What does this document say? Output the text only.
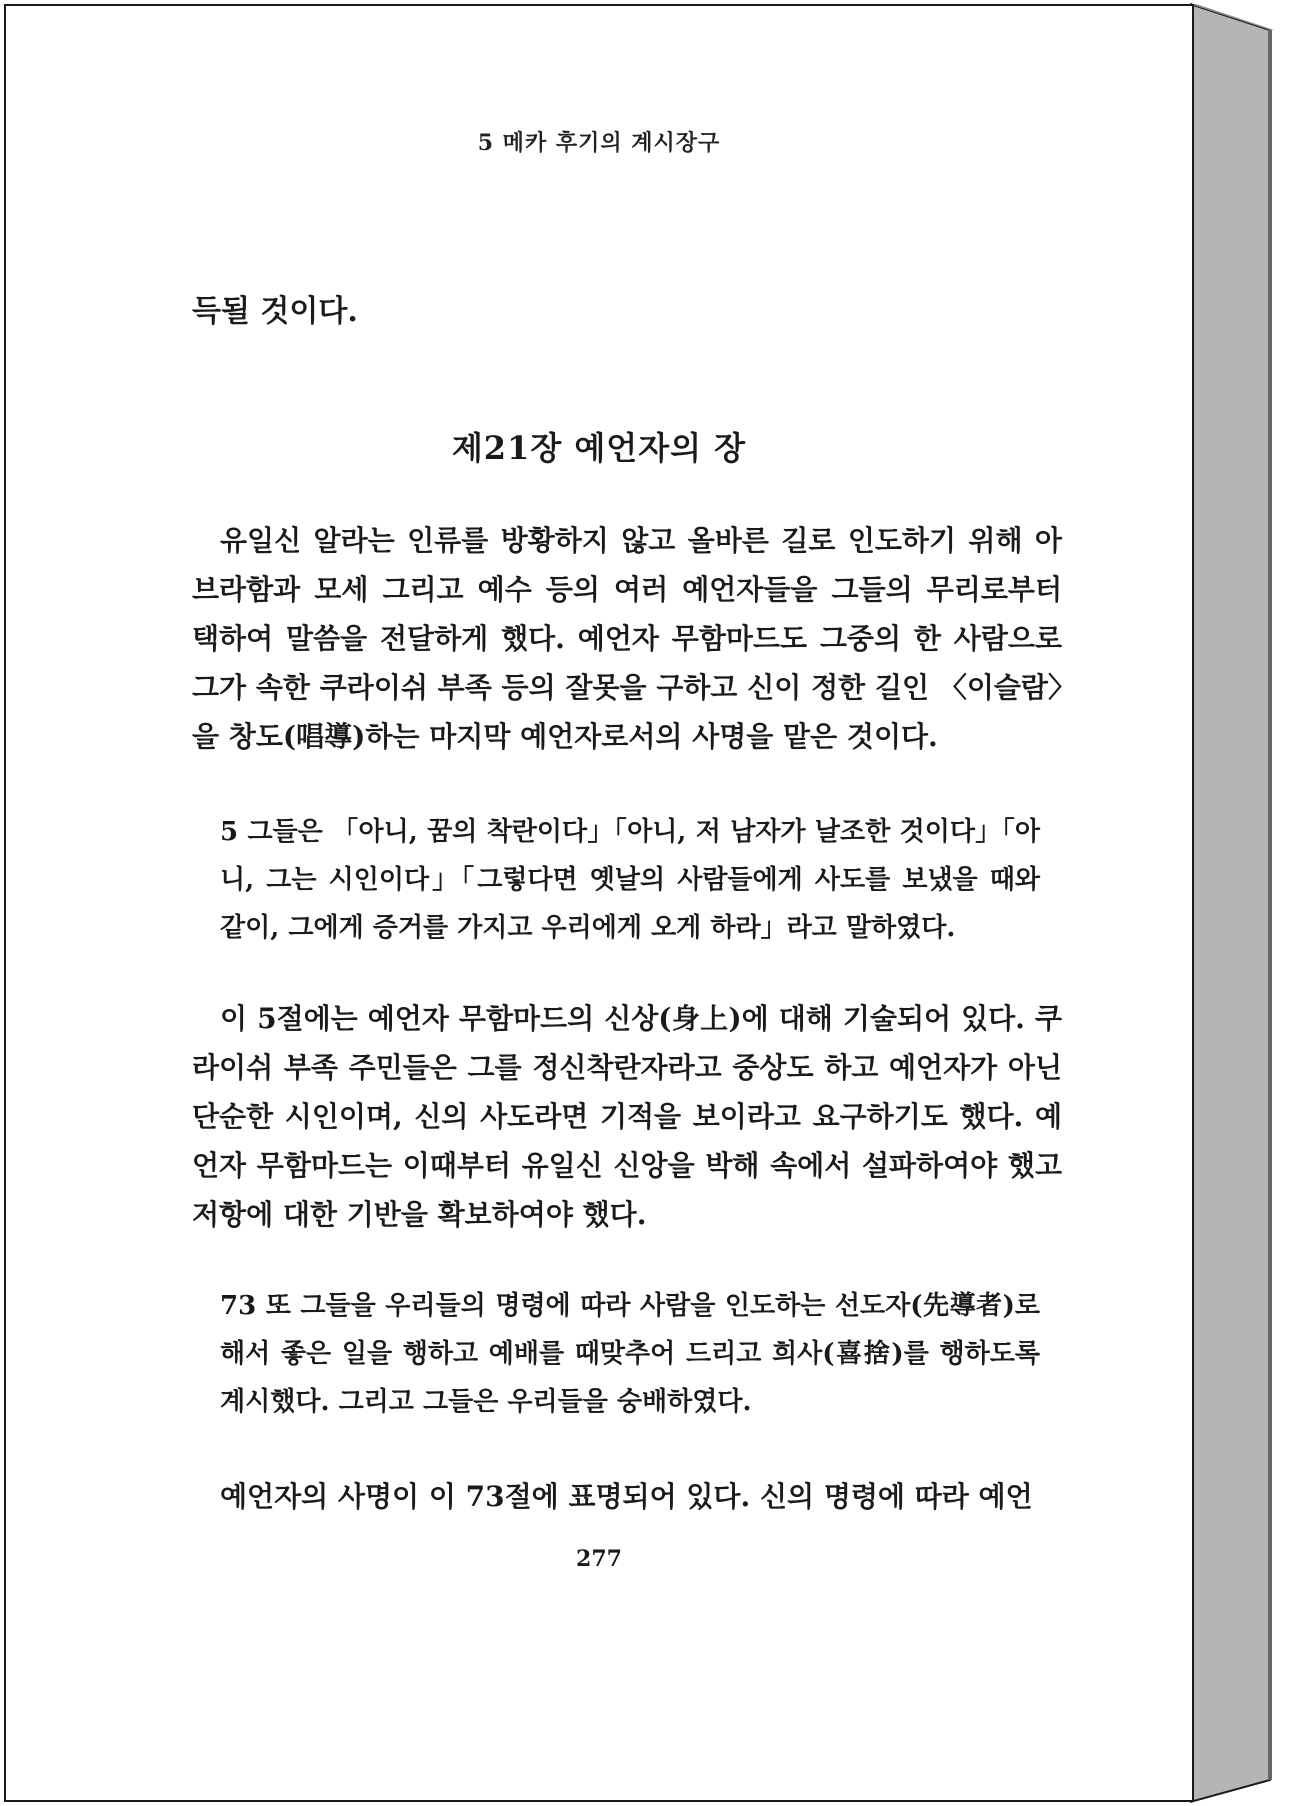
5 메카 후기의 계시장구
득될 것이다.
제21장 예언자의 장

유일신 알라는 인류를 방황하지 않고 올바른 길로 인도하기 위해 아브라함과 모세 그리고 예수 등의 여러 예언자들을 그들의 무리로부터 택하여 말씀을 전달하게 했다. 예언자 무함마드도 그중의 한 사람으로 그가 속한 쿠라이쉬 부족 등의 잘못을 구하고 신이 정한 길인 〈이슬람〉을 창도(唱導)하는 마지막 예언자로서의 사명을 맡은 것이다.

5 그들은 「아니, 꿈의 착란이다」「아니, 저 남자가 날조한 것이다」「아니, 그는 시인이다」「그렇다면 옛날의 사람들에게 사도를 보냈을 때와 같이, 그에게 증거를 가지고 우리에게 오게 하라」라고 말하였다.

이 5절에는 예언자 무함마드의 신상(身上)에 대해 기술되어 있다. 쿠라이쉬 부족 주민들은 그를 정신착란자라고 중상도 하고 예언자가 아닌 단순한 시인이며, 신의 사도라면 기적을 보이라고 요구하기도 했다. 예언자 무함마드는 이때부터 유일신 신앙을 박해 속에서 설파하여야 했고 저항에 대한 기반을 확보하여야 했다.

73 또 그들을 우리들의 명령에 따라 사람을 인도하는 선도자(先導者)로 해서 좋은 일을 행하고 예배를 때맞추어 드리고 희사(喜捨)를 행하도록 계시했다. 그리고 그들은 우리들을 숭배하였다.

예언자의 사명이 이 73절에 표명되어 있다. 신의 명령에 따라 예언

277
